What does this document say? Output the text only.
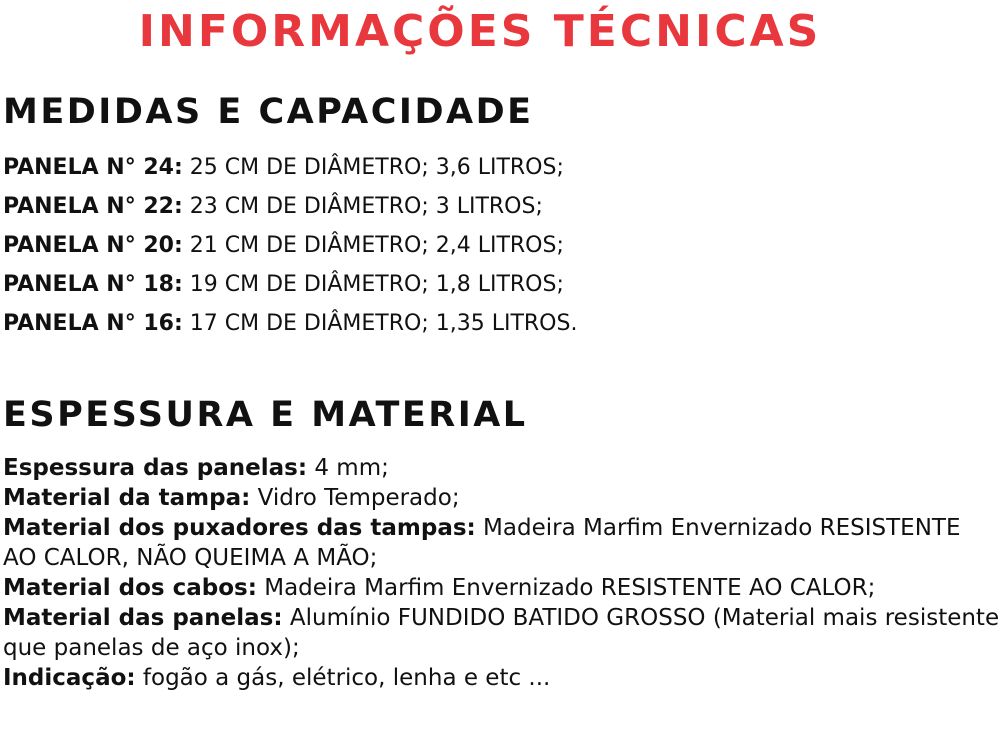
INFORMAÇÕES TÉCNICAS
MEDIDAS E CAPACIDADE
PANELA N° 24: 25 CM DE DIÂMETRO; 3,6 LITROS;
PANELA N° 22: 23 CM DE DIÂMETRO; 3 LITROS;
PANELA N° 20: 21 CM DE DIÂMETRO; 2,4 LITROS;
PANELA N° 18: 19 CM DE DIÂMETRO; 1,8 LITROS;
PANELA N° 16: 17 CM DE DIÂMETRO; 1,35 LITROS.
ESPESSURA E MATERIAL
Espessura das panelas: 4 mm;
Material da tampa: Vidro Temperado;
Material dos puxadores das tampas: Madeira Marfim Envernizado RESISTENTE AO CALOR, NÃO QUEIMA A MÃO;
Material dos cabos: Madeira Marfim Envernizado RESISTENTE AO CALOR;
Material das panelas: Alumínio FUNDIDO BATIDO GROSSO (Material mais resistente que panelas de aço inox);
Indicação: fogão a gás, elétrico, lenha e etc ...
